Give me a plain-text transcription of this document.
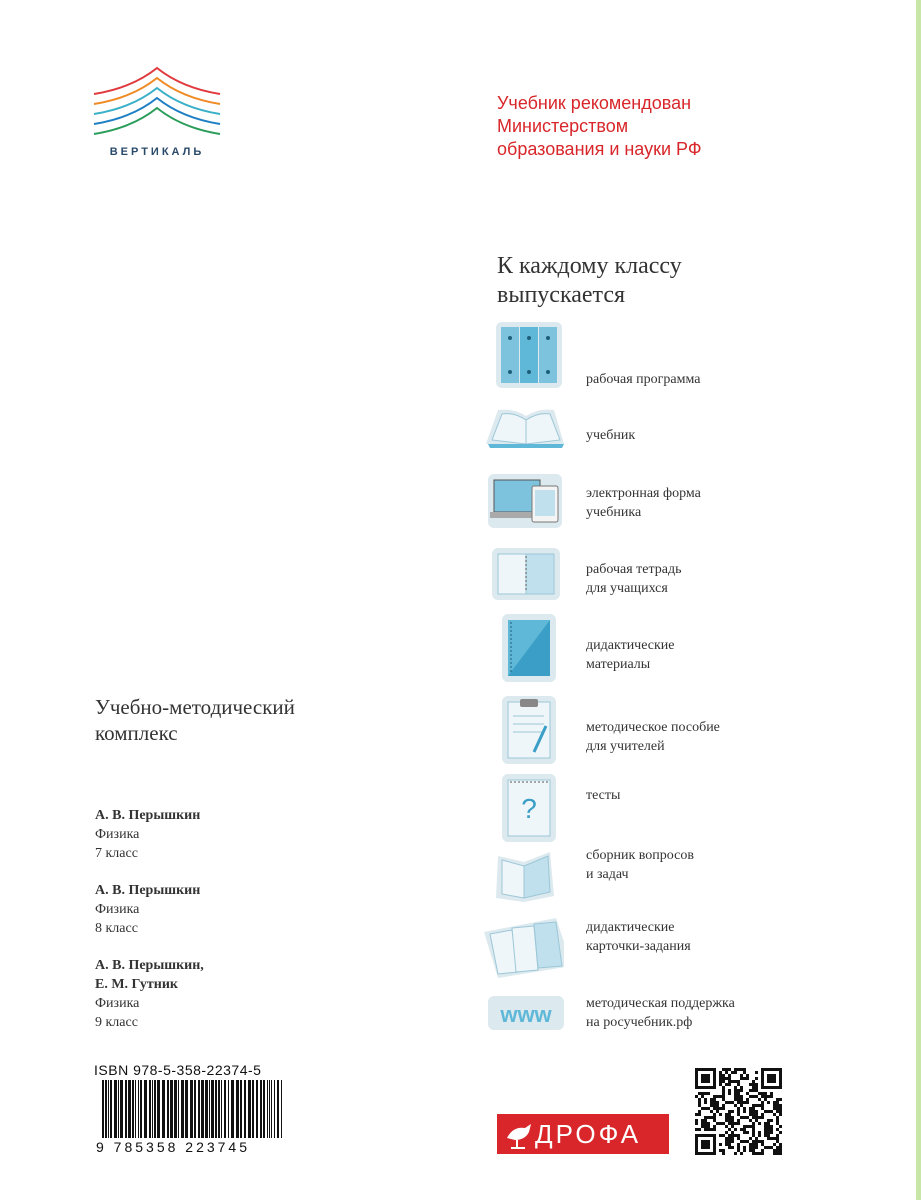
ВЕРТИКАЛЬ
Учебник рекомендован
Министерством
образования и науки РФ
К каждому классу
выпускается
рабочая программа
учебник
электронная форма
учебника
рабочая тетрадь
для учащихся
дидактические
материалы
методическое пособие
для учителей
?	тесты
сборник вопросов
и задач
дидактические
карточки-задания
www методическая поддержка
на росучебник.рф
Учебно-методический
комплекс
А. В. Перышкин
Физика
7 класс
А. В. Перышкин
Физика
8 класс
А. В. Перышкин,
Е. М. Гутник
Физика
9 класс
ISBN 978-5-358-22374-5
9 785358 223745	ДРОФА
